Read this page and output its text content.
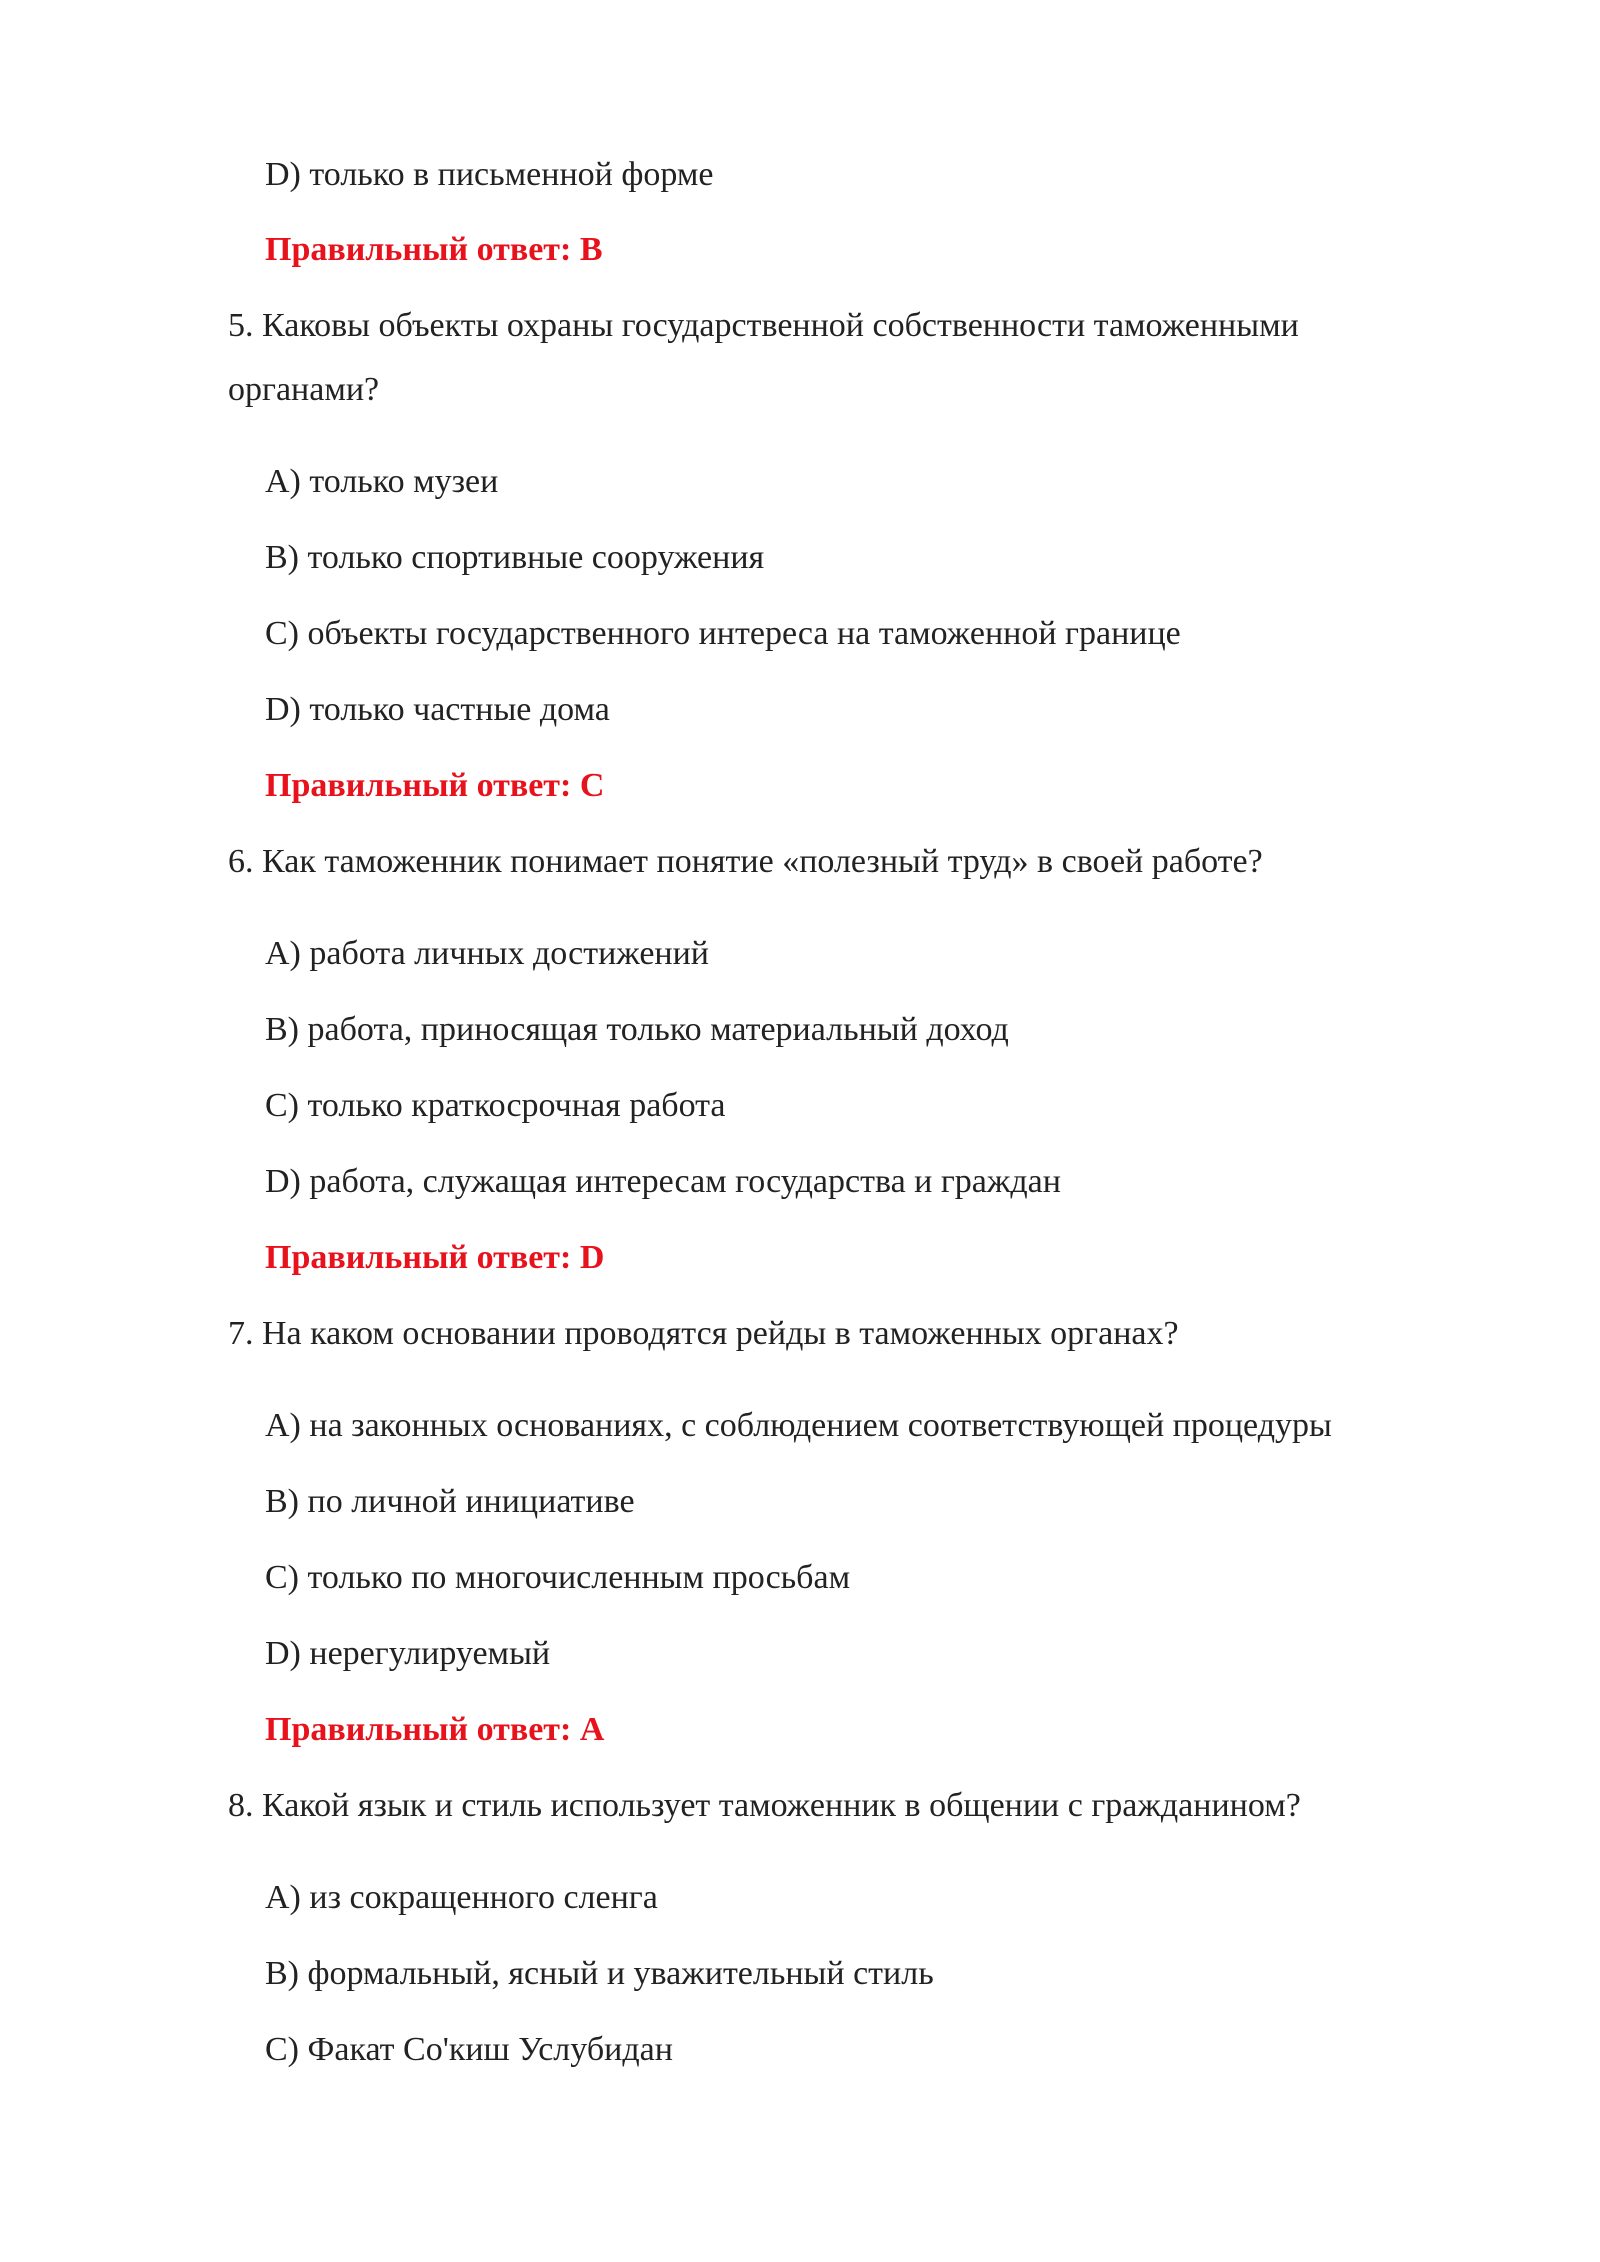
D) только в письменной форме

Правильный ответ: B

5. Каковы объекты охраны государственной собственности таможенными

органами?

A) только музеи

B) только спортивные сооружения

C) объекты государственного интереса на таможенной границе

D) только частные дома

Правильный ответ: C

6. Как таможенник понимает понятие «полезный труд» в своей работе?

A) работа личных достижений

B) работа, приносящая только материальный доход

C) только краткосрочная работа

D) работа, служащая интересам государства и граждан

Правильный ответ: D

7. На каком основании проводятся рейды в таможенных органах?

A) на законных основаниях, с соблюдением соответствующей процедуры

B) по личной инициативе

C) только по многочисленным просьбам

D) нерегулируемый

Правильный ответ: A

8. Какой язык и стиль использует таможенник в общении с гражданином?

A) из сокращенного сленга

B) формальный, ясный и уважительный стиль

C) Факат Co'киш Услубидан
